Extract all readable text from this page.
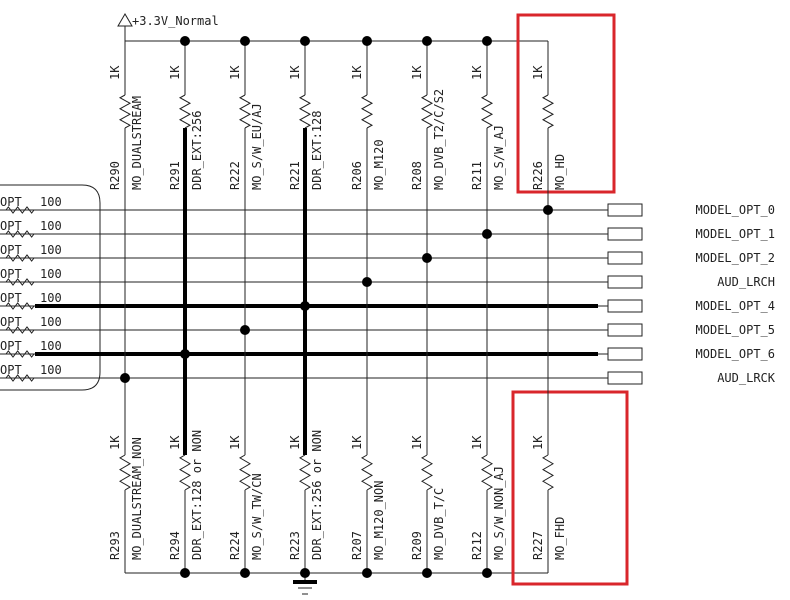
+3.3V_Normal
OPT 100
OPT 100
OPT 100
OPT 100
OPT 100
OPT 100
OPT 100
OPT 100
MODEL_OPT_0
MODEL_OPT_1
MODEL_OPT_2
AUD_LRCH
MODEL_OPT_4
MODEL_OPT_5
MODEL_OPT_6
AUD_LRCK
R290
1K
MO_DUALSTREAM
R293
1K MO_DUALSTREAM_NON
R291
1K
DDR_EXT:256
R294
1K DDR_EXT:128 or NON
R222
1K
MO_S/W_EU/AJ
R224
1K
MO_S/W_TW/CN
R221
1K
DDR_EXT:128
R223
1K DDR_EXT:256 or NON
R206
1K
MO_M120
R207
1K
MO_M120_NON
R208
1K
MO_DVB_T2/C/S2
R209
1K
MO_DVB_T/C
R211
1K
MO_S/W_AJ
R212
1K
MO_S/W_NON_AJ
R226
1K
MO_HD
R227
1K
MO_FHD
